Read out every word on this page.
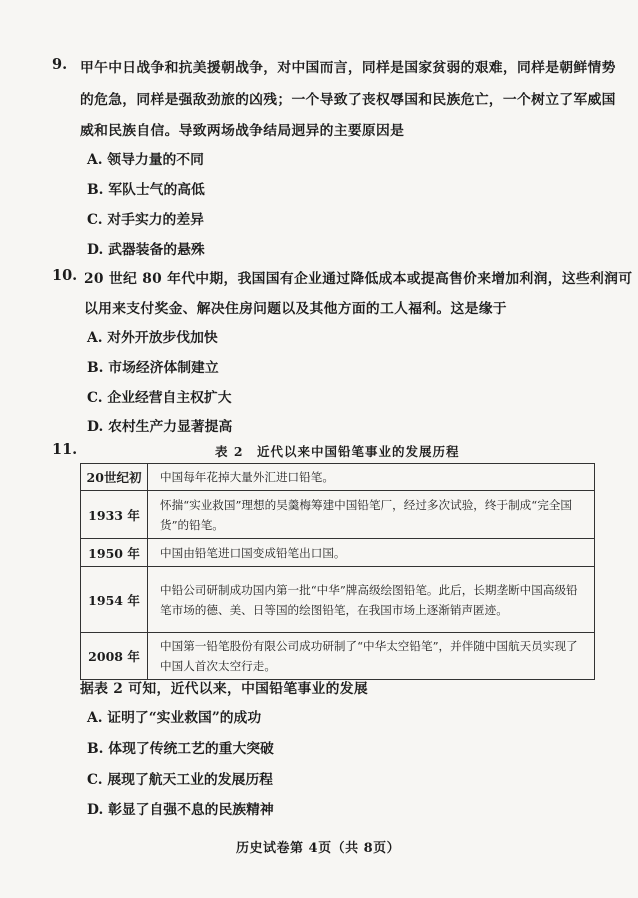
9. 甲午中日战争和抗美援朝战争，对中国而言，同样是国家贫弱的艰难，同样是朝鲜情势
的危急，同样是强敌劲旅的凶残；一个导致了丧权辱国和民族危亡，一个树立了军威国
威和民族自信。导致两场战争结局迥异的主要原因是
A. 领导力量的不同
B. 军队士气的高低
C. 对手实力的差异
D. 武器装备的悬殊
10. 20 世纪 80 年代中期，我国国有企业通过降低成本或提高售价来增加利润，这些利润可
以用来支付奖金、解决住房问题以及其他方面的工人福利。这是缘于
A. 对外开放步伐加快
B. 市场经济体制建立
C. 企业经营自主权扩大
D. 农村生产力显著提高
11.	表 2　近代以来中国铅笔事业的发展历程
20世纪初	中国每年花掉大量外汇进口铅笔。
1933 年	怀揣“实业救国”理想的吴羹梅筹建中国铅笔厂，经过多次试验，终于制成“完全国货”的铅笔。
1950 年	中国由铅笔进口国变成铅笔出口国。
1954 年	中铅公司研制成功国内第一批“中华”牌高级绘图铅笔。此后，长期垄断中国高级铅笔市场的德、美、日等国的绘图铅笔，在我国市场上逐渐销声匿迹。
2008 年	中国第一铅笔股份有限公司成功研制了“中华太空铅笔”，并伴随中国航天员实现了中国人首次太空行走。
据表 2 可知，近代以来，中国铅笔事业的发展
A. 证明了“实业救国”的成功
B. 体现了传统工艺的重大突破
C. 展现了航天工业的发展历程
D. 彰显了自强不息的民族精神
历史试卷第 4页（共 8页）
